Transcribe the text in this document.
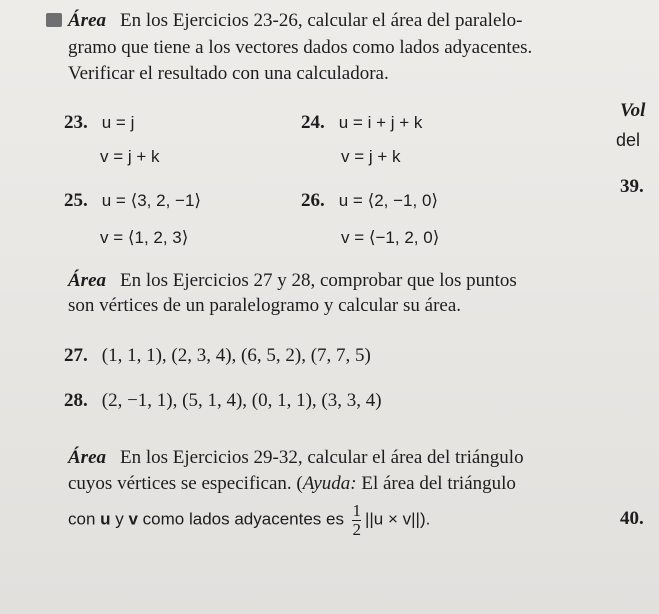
Área En los Ejercicios 23-26, calcular el área del paralelo-
gramo que tiene a los vectores dados como lados adyacentes.
Verificar el resultado con una calculadora.
23. u = j
v = j + k
24. u = i + j + k
v = j + k
25. u = ⟨3, 2, −1⟩
v = ⟨1, 2, 3⟩
26. u = ⟨2, −1, 0⟩
v = ⟨−1, 2, 0⟩
Vol
del
39.
40.
Área En los Ejercicios 27 y 28, comprobar que los puntos
son vértices de un paralelogramo y calcular su área.
27. (1, 1, 1), (2, 3, 4), (6, 5, 2), (7, 7, 5)
28. (2, −1, 1), (5, 1, 4), (0, 1, 1), (3, 3, 4)
Área En los Ejercicios 29-32, calcular el área del triángulo
cuyos vértices se especifican. (Ayuda: El área del triángulo
con u y v como lados adyacentes es $\frac{1}{2} ||u \times v||$).
